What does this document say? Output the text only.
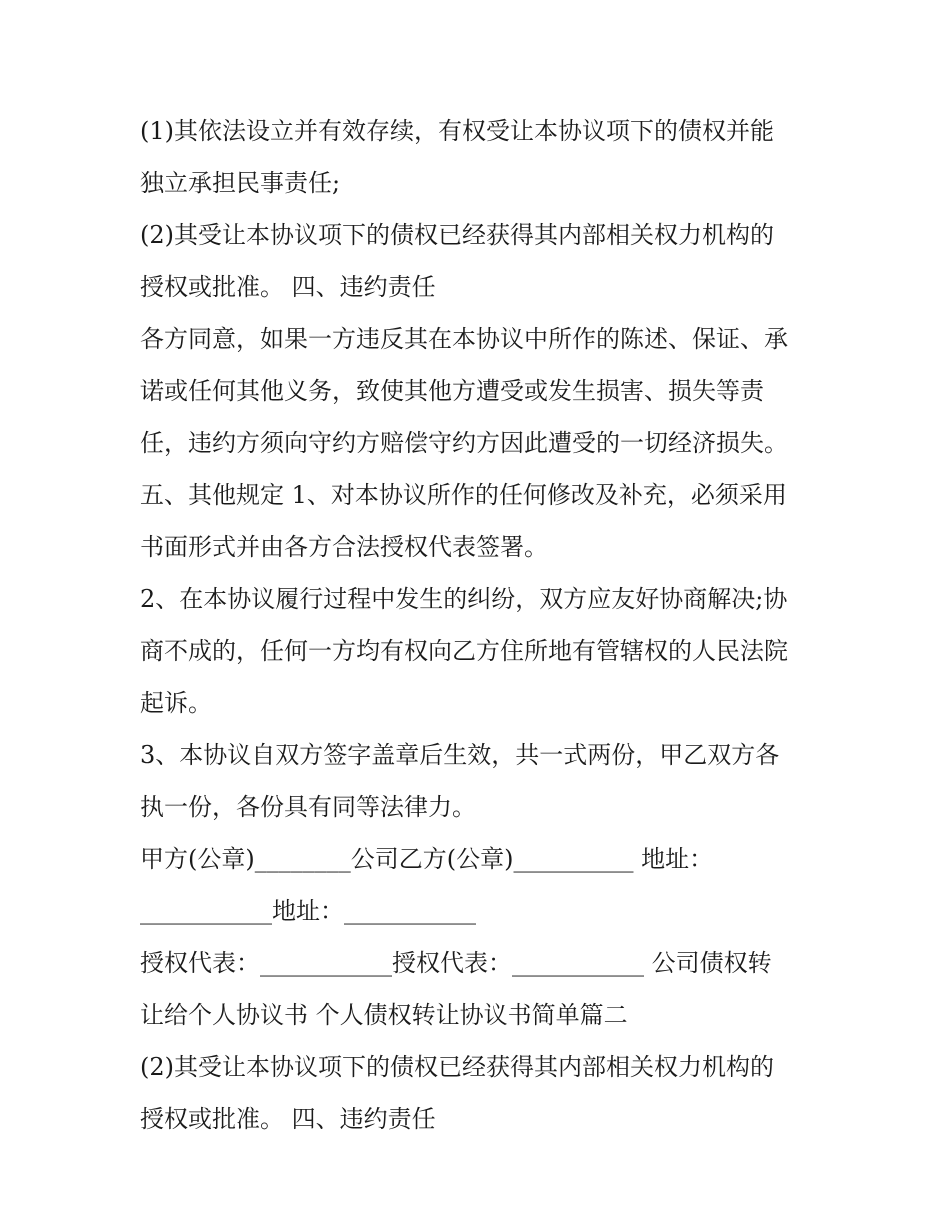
(1)其依法设立并有效存续，有权受让本协议项下的债权并能
独立承担民事责任;
(2)其受让本协议项下的债权已经获得其内部相关权力机构的
授权或批准。 四、违约责任
各方同意，如果一方违反其在本协议中所作的陈述、保证、承
诺或任何其他义务，致使其他方遭受或发生损害、损失等责
任，违约方须向守约方赔偿守约方因此遭受的一切经济损失。
五、其他规定 1、对本协议所作的任何修改及补充，必须采用
书面形式并由各方合法授权代表签署。
2、在本协议履行过程中发生的纠纷，双方应友好协商解决;协
商不成的，任何一方均有权向乙方住所地有管辖权的人民法院
起诉。
3、本协议自双方签字盖章后生效，共一式两份，甲乙双方各
执一份，各份具有同等法律力。
甲方(公章)________公司乙方(公章)__________ 地址：
___________地址：___________
授权代表：___________授权代表：___________ 公司债权转
让给个人协议书 个人债权转让协议书简单篇二
(2)其受让本协议项下的债权已经获得其内部相关权力机构的
授权或批准。 四、违约责任
